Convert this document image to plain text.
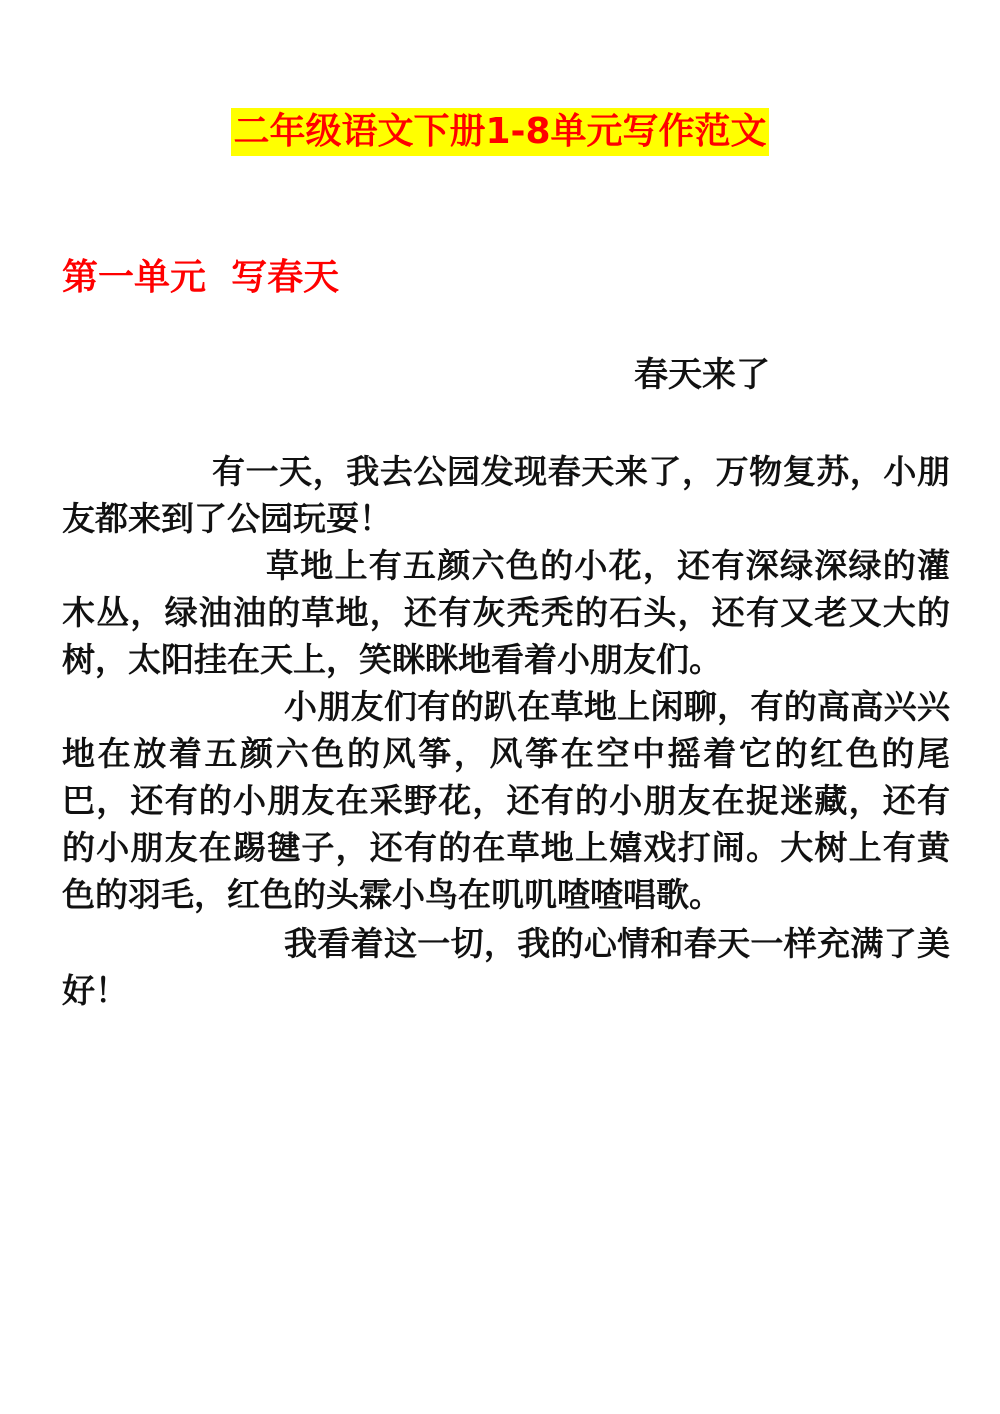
二年级语文下册1-8单元写作范文
第一单元  写春天
春天来了

有一天，我去公园发现春天来了，万物复苏，小朋友都来到了公园玩耍！

草地上有五颜六色的小花，还有深绿深绿的灌木丛，绿油油的草地，还有灰秃秃的石头，还有又老又大的树，太阳挂在天上，笑眯眯地看着小朋友们。

小朋友们有的趴在草地上闲聊，有的高高兴兴地在放着五颜六色的风筝，风筝在空中摇着它的红色的尾巴，还有的小朋友在采野花，还有的小朋友在捉迷藏，还有的小朋友在踢毽子，还有的在草地上嬉戏打闹。大树上有黄色的羽毛，红色的头霖小鸟在叽叽喳喳唱歌。

我看着这一切，我的心情和春天一样充满了美好！
